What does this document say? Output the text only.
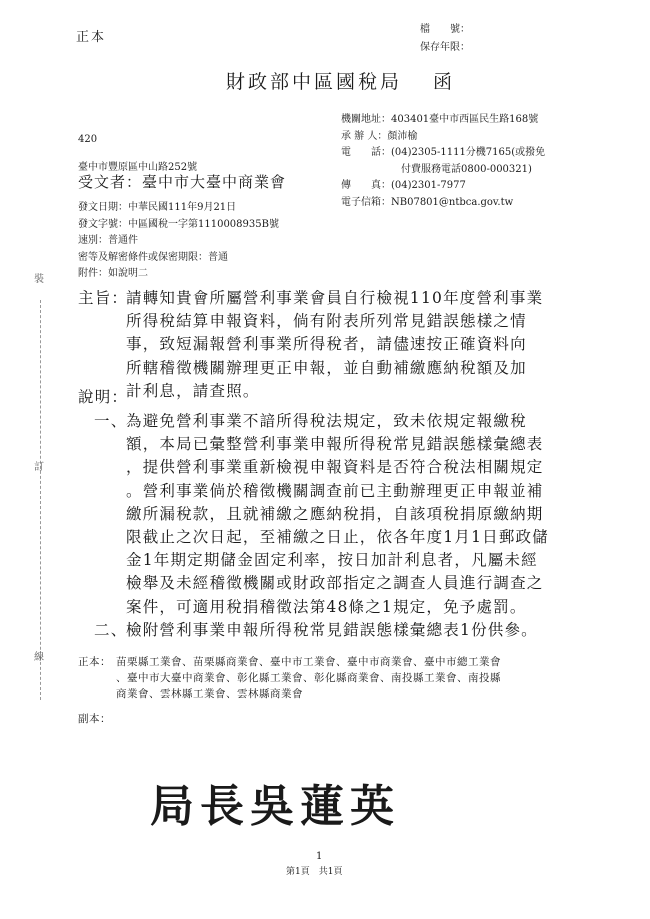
正本
檔　　號：
保存年限：
財政部中區國稅局　 函
機關地址：403401臺中市西區民生路168號
承 辦 人：顏沛榆
電　　話：(04)2305-1111分機7165(或撥免
付費服務電話0800-000321)
傳　　真：(04)2301-7977
電子信箱：NB07801@ntbca.gov.tw
420
臺中市豐原區中山路252號
受文者：臺中市大臺中商業會
發文日期：中華民國111年9月21日
發文字號：中區國稅一字第1110008935B號
速別：普通件
密等及解密條件或保密期限：普通
附件：如說明二
裝
訂
線
主旨：
請轉知貴會所屬營利事業會員自行檢視110年度營利事業
所得稅結算申報資料，倘有附表所列常見錯誤態樣之情
事，致短漏報營利事業所得稅者，請儘速按正確資料向
所轄稽徵機關辦理更正申報，並自動補繳應納稅額及加
計利息，請查照。
說明：
一、
為避免營利事業不諳所得稅法規定，致未依規定報繳稅
額，本局已彙整營利事業申報所得稅常見錯誤態樣彙總表
，提供營利事業重新檢視申報資料是否符合稅法相關規定
。營利事業倘於稽徵機關調查前已主動辦理更正申報並補
繳所漏稅款，且就補繳之應納稅捐，自該項稅捐原繳納期
限截止之次日起，至補繳之日止，依各年度1月1日郵政儲
金1年期定期儲金固定利率，按日加計利息者，凡屬未經
檢舉及未經稽徵機關或財政部指定之調查人員進行調查之
案件，可適用稅捐稽徵法第48條之1規定，免予處罰。
二、
檢附營利事業申報所得稅常見錯誤態樣彙總表1份供參。
正本： 苗栗縣工業會、苗栗縣商業會、臺中市工業會、臺中市商業會、臺中市總工業會
、臺中市大臺中商業會、彰化縣工業會、彰化縣商業會、南投縣工業會、南投縣
商業會、雲林縣工業會、雲林縣商業會
副本：
局長吳蓮英
1
第1頁　共1頁
